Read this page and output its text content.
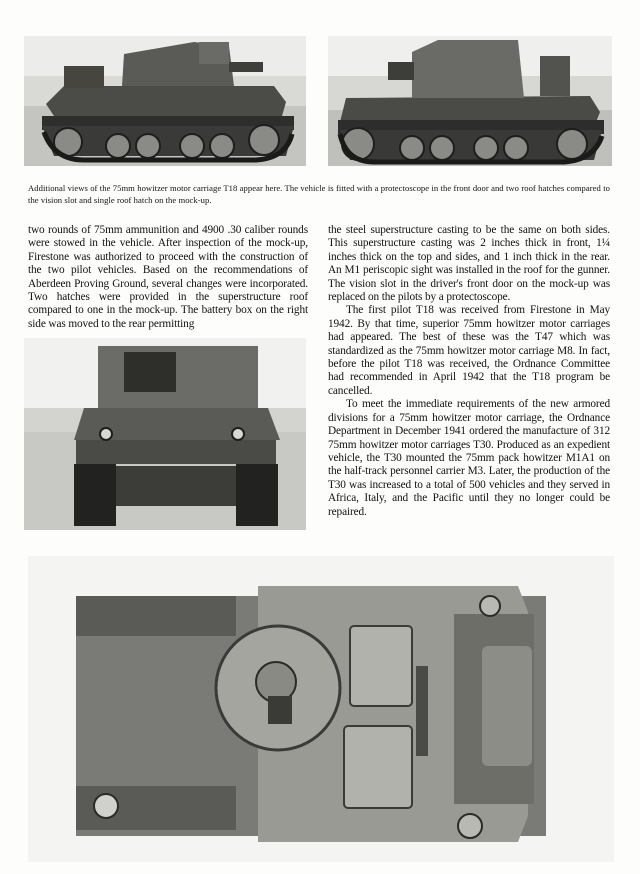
Additional views of the 75mm howitzer motor carriage T18 appear here. The vehicle is fitted with a protectoscope in the front door and two roof hatches compared to the vision slot and single roof hatch on the mock-up.

two rounds of 75mm ammunition and 4900 .30 caliber rounds were stowed in the vehicle. After inspection of the mock-up, Firestone was authorized to proceed with the construction of the two pilot vehicles. Based on the recommendations of Aberdeen Proving Ground, several changes were incorporated. Two hatches were provided in the superstructure roof compared to one in the mock-up. The battery box on the right side was moved to the rear permitting

the steel superstructure casting to be the same on both sides. This superstructure casting was 2 inches thick in front, 1¼ inches thick on the top and sides, and 1 inch thick in the rear. An M1 periscopic sight was installed in the roof for the gunner. The vision slot in the driver's front door on the mock-up was replaced on the pilots by a protectoscope.

The first pilot T18 was received from Firestone in May 1942. By that time, superior 75mm howitzer motor carriages had appeared. The best of these was the T47 which was standardized as the 75mm howitzer motor carriage M8. In fact, before the pilot T18 was received, the Ordnance Committee had recommended in April 1942 that the T18 program be cancelled.

To meet the immediate requirements of the new armored divisions for a 75mm howitzer motor carriage, the Ordnance Department in December 1941 ordered the manufacture of 312 75mm howitzer motor carriages T30. Produced as an expedient vehicle, the T30 mounted the 75mm pack howitzer M1A1 on the half-track personnel carrier M3. Later, the production of the T30 was increased to a total of 500 vehicles and they served in Africa, Italy, and the Pacific until they no longer could be repaired.
